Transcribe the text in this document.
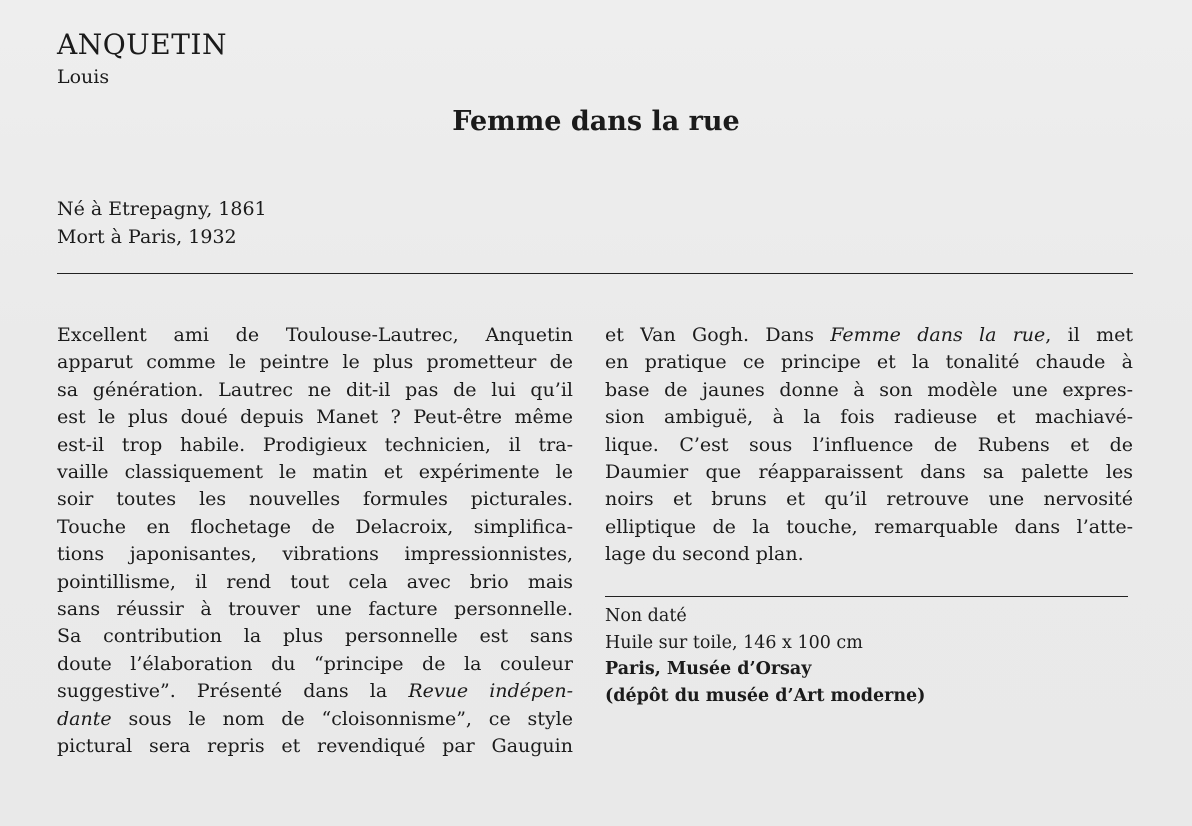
ANQUETIN
Louis
Femme dans la rue
Né à Etrepagny, 1861
Mort à Paris, 1932
Excellent ami de Toulouse-Lautrec, Anquetin
apparut comme le peintre le plus prometteur de
sa génération. Lautrec ne dit-il pas de lui qu’il
est le plus doué depuis Manet ? Peut-être même
est-il trop habile. Prodigieux technicien, il tra-
vaille classiquement le matin et expérimente le
soir toutes les nouvelles formules picturales.
Touche en flochetage de Delacroix, simplifica-
tions japonisantes, vibrations impressionnistes,
pointillisme, il rend tout cela avec brio mais
sans réussir à trouver une facture personnelle.
Sa contribution la plus personnelle est sans
doute l’élaboration du “principe de la couleur
suggestive”. Présenté dans la Revue indépen-
dante sous le nom de “cloisonnisme”, ce style
pictural sera repris et revendiqué par Gauguin
et Van Gogh. Dans Femme dans la rue, il met
en pratique ce principe et la tonalité chaude à
base de jaunes donne à son modèle une expres-
sion ambiguë, à la fois radieuse et machiavé-
lique. C’est sous l’influence de Rubens et de
Daumier que réapparaissent dans sa palette les
noirs et bruns et qu’il retrouve une nervosité
elliptique de la touche, remarquable dans l’atte-
lage du second plan.
Non daté
Huile sur toile, 146 x 100 cm
Paris, Musée d’Orsay
(dépôt du musée d’Art moderne)
